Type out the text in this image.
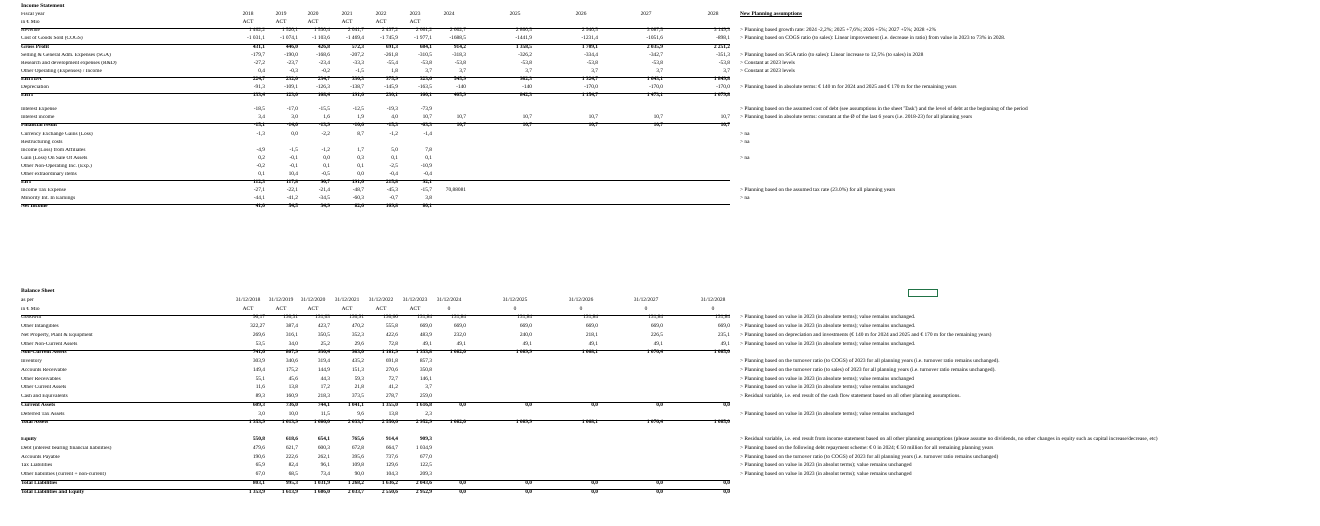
Income Statement
Fiscal year	2018	2019	2020	2021	2022	2023	2024	2025	2026	2027	2028	New Planning assumptions
in € Mio	ACT	ACT	ACT	ACT	ACT	ACT
Revenue	1 462,2	1 520,1	1 530,4	2 041,7	2 437,2	2 661,2	2 602,7	2 800,5	2 940,5	3 087,5	3 149,3 > Planning based growth rate: 2024 -2,2%; 2025 +7,6%; 2026 +5%; 2027 +5%; 2028 +2%
Cost of Goods Sold (COGS)	-1 031,1	-1 074,1	-1 103,6	-1 469,4	-1 745,9	-1 977,1	-1688,5	-1441,9	-1231,4	-1051,6	-898,1 > Planning based on COGS ratio (to sales): Linear improvement (i.e. decrease in ratio) from value in 2023 to 73% in 2028.
Gross Profit	431,1	446,0	426,8	572,3	691,3	684,1	914,2	1 358,5	1 709,1	2 035,9	2 251,2
Selling & General Adm. Expenses (SGA)	-179,7	-190,0	-168,6	-207,2	-261,8	-310,5	-318,3	-326,2	-334,4	-342,7	-351,3 > Planning based on SGA ratio (to sales): Linear increase to 12,5% (to sales) in 2028
Research and development expenses (R&D)	-27,2	-23,7	-23,4	-33,3	-55,4	-53,8	-53,8	-53,8	-53,8	-53,8	-53,8 > Constant at 2023 levels
Other Operating (Expenses) / Income	0,4	-0,3	-0,2	-1,5	1,8	3,7	3,7	3,7	3,7	3,7	3,7 > Constant at 2023 levels
EBITDA	224,7	232,0	234,7	330,3	375,9	323,6	545,9	982,3	1 324,7	1 643,1	1 849,8
Depreciation	-91,3	-109,1	-126,3	-138,7	-145,9	-163,5	-140	-140	-170,0	-170,0	-170,0 > Planning based in absolute terms: € 140 m for 2024 and 2025 and € 170 m for the remaining years
EBIT	133,4	123,0	108,4	191,6	230,1	160,1	405,9	842,3	1 154,7	1 473,1	1 679,8
Interest Expense	-18,5	-17,0	-15,5	-12,5	-19,3	-73,9	> Planning based on the assumed cost of debt (see assumptions in the sheet 'Task') and the level of debt at the beginning of the period
Interest income	3,4	3,0	1,6	1,9	4,0	10,7	10,7	10,7	10,7	10,7	10,7 > Planning based in absolute terms: constant at the Ø of the last 6 years (i.e. 2018-23) for all planning years
Financial result	-15,1	-14,0	-13,9	-10,6	-15,3	-63,3	10,7	10,7	10,7	10,7	10,7
Currency Exchange Gains (Loss)	-1,3	0,0	-2,2	8,7	-1,2	-1,4	> na
Restructuring costs	> na
Income (Loss) from Affiliates	-4,9	-1,5	-1,2	1,7	5,0	7,8
Gain (Loss) On Sale Of Assets	0,2	-0,1	0,0	0,3	0,1	0,1	> na
Other Non-Operating Inc. (Exp.)	-0,2	-0,1	0,1	0,1	-2,5	-10,9
Other extraordinary items	0,1	10,4	-0,5	0,0	-0,4	-0,4
EBT	112,3	117,8	90,7	191,6	215,8	92,1
Income Tax Expense	-27,1	-22,1	-21,4	-48,7	-45,3	-15,7	70,88081	> Planning based on the assumed tax rate (23.0%) for all planning years
Minority Int. In Earnings	-44,1	-41,2	-34,5	-60,3	-0,7	3,8	> na
Net Income	41,0	54,5	34,9	82,6	169,8	80,1
Balance Sheet
as per	31/12/2018	31/12/2019	31/12/2020	31/12/2021	31/12/2022	31/12/2023	31/12/2024	31/12/2025	31/12/2026	31/12/2027	31/12/2028
in € Mio	ACT	ACT	ACT	ACT	ACT	ACT	0	0	0	0	0
Goodwill	96,17	130,31	131,03	130,91	130,66	131,84	131,84	131,84	131,84	131,84	131,84 > Planning based on value in 2023 (in absolute terms); value remains unchanged.
Other Intangibles	322,27	387,4	423,7	470,2	555,8	669,0	669,0	669,0	669,0	669,0	669,0 > Planning based on value in 2023 (in absolute terms); value remains unchanged.
Net Property, Plant & Equipment	269,6	316,1	350,5	352,3	422,6	483,9	232,0	240,0	218,1	226,5	235,1 > Planning based on depreciation and investments (€ 140 m for 2024 and 2025 and € 170 m for the remaining years)
Other Non-Current Assets	53,5	34,0	25,2	29,6	72,8	49,1	49,1	49,1	49,1	49,1	49,1 > Planning based on value in 2023 (in absolute terms); value remains unchanged.
Non-Current Assets	741,6	867,9	930,4	983,0	1 181,9	1 333,8	1 082,0	1 089,9	1 068,1	1 076,4	1 085,0
Inventory	303,9	340,6	319,4	435,2	691,8	857,3	> Planning based on the turnover ratio (to COGS) of 2023 for all planning years (i.e. turnover ratio remains unchanged).
Accounts Receivable	149,4	175,2	144,9	151,3	270,6	350,8	> Planning based on the turnover ratio (to sales) of 2023 for all planning years (i.e. turnover ratio remains unchanged).
Other Receivables	55,1	45,6	44,3	59,3	72,7	146,1	> Planning based on value in 2023 (in absolute terms); value remains unchanged
Other Current Assets	11,6	13,8	17,2	21,8	41,2	3,7	> Planning based on value in 2023 (in absolute terms); value remains unchanged
Cash and Equivalents	89,3	160,9	218,3	373,5	278,7	259,0	> Residual variable, i.e. end result of the cash flow statement based on all other planning assumptions.
Current Assets	609,3	736,0	744,1	1 041,1	1 355,0	1 616,8	0,0	0,0	0,0	0,0	0,0
Deferred Tax Assets	3,0	10,0	11,5	9,6	13,8	2,3	> Planning based on value in 2023 (in absolute terms); value remains unchanged
Total Assets	1 353,9	1 613,9	1 686,0	2 033,7	2 550,6	2 952,9	1 082,0	1 089,9	1 068,1	1 076,4	1 085,0
Equity	550,8	618,6	654,1	765,6	914,4	909,3	> Residual variable, i.e. end result from income statement based on all other planning assumptions (please assume no dividends, no other changes in equity such as capital increase/decrease, etc)
Debt (interest bearing financial liabilities)	479,6	621,7	600,3	672,8	664,7	1 034,9	> Planning based on the following debt repayment scheme: € 0 in 2024; € 50 million for all remaining planning years
Accounts Payable	190,6	222,6	262,1	395,6	737,6	677,0	> Planning based on the turnover ratio (to COGS) of 2023 for all planning years (i.e. turnover ratio remains unchanged)
Tax Liabilities	65,9	82,4	96,1	109,8	129,6	122,5	> Planning based on value in 2023 (in absolut terms); value remains unchanged
Other liabilities (current + non-current)	67,0	68,5	73,4	90,0	104,3	209,3	> Planning based on value in 2023 (in absolut terms); value remains unchanged
Total Liabilities	803,1	995,3	1 031,9	1 268,2	1 636,2	2 043,6	0,0	0,0	0,0	0,0	0,0
Total Liabilities and Equity	1 353,9	1 613,9	1 686,0	2 033,7	2 550,6	2 952,9	0,0	0,0	0,0	0,0	0,0
